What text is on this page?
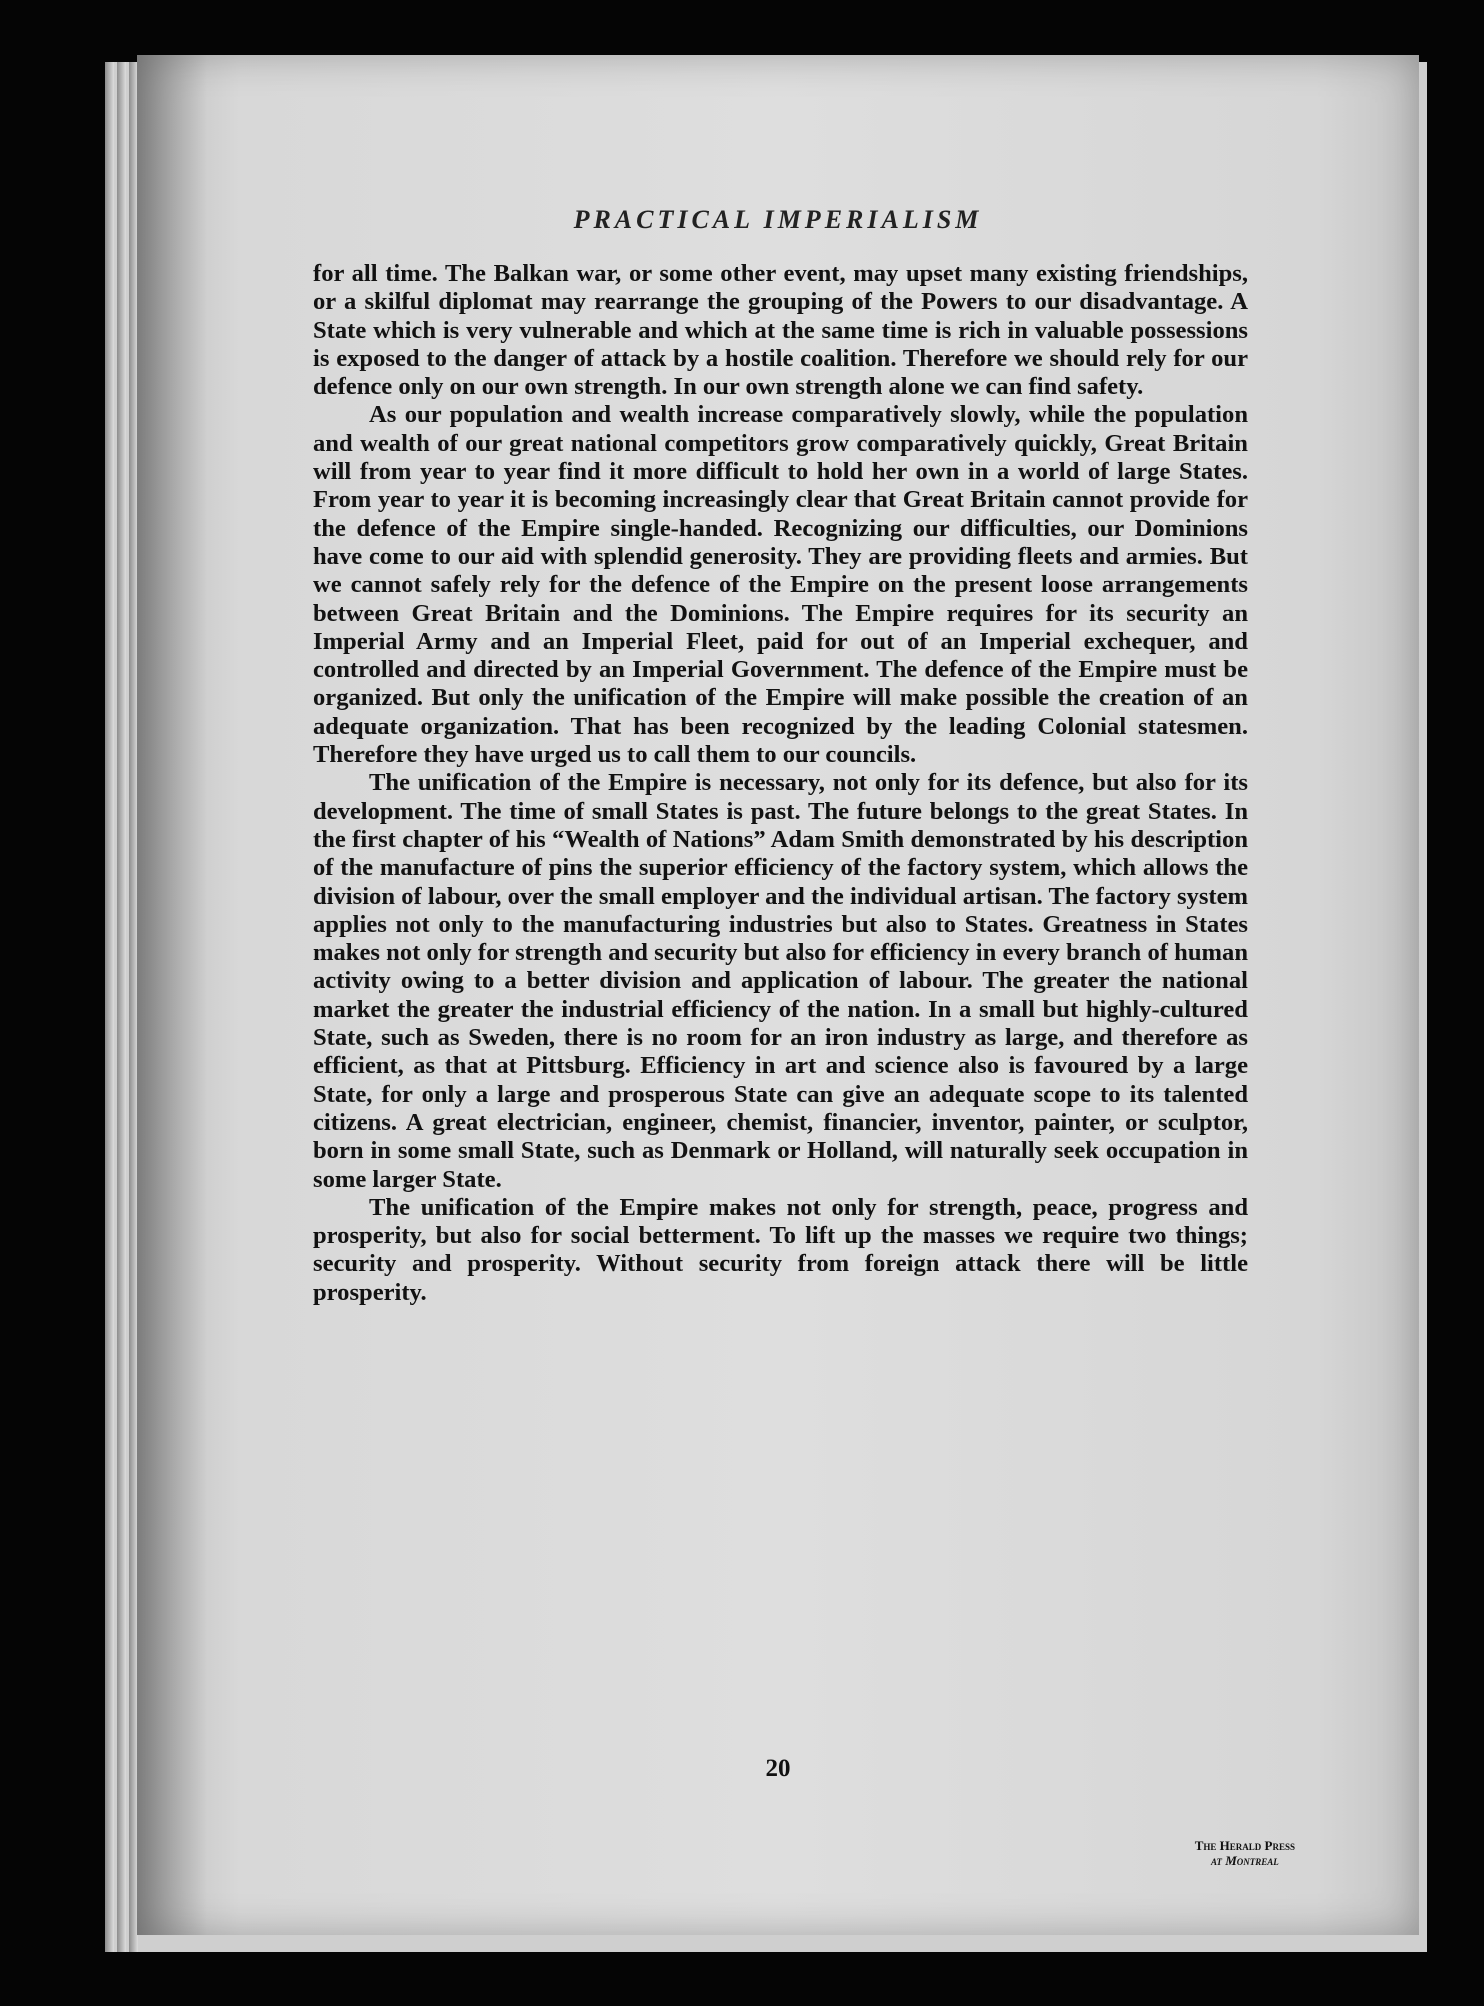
PRACTICAL IMPERIALISM

for all time. The Balkan war, or some other event, may upset many existing friendships, or a skilful diplomat may rearrange the grouping of the Powers to our disadvantage. A State which is very vulnerable and which at the same time is rich in valuable possessions is exposed to the danger of attack by a hostile coalition. Therefore we should rely for our defence only on our own strength. In our own strength alone we can find safety.

As our population and wealth increase comparatively slowly, while the population and wealth of our great national competitors grow comparatively quickly, Great Britain will from year to year find it more difficult to hold her own in a world of large States. From year to year it is becoming increasingly clear that Great Britain cannot provide for the defence of the Empire single-handed. Recognizing our difficulties, our Dominions have come to our aid with splendid generosity. They are providing fleets and armies. But we cannot safely rely for the defence of the Empire on the present loose arrangements between Great Britain and the Dominions. The Empire requires for its security an Imperial Army and an Imperial Fleet, paid for out of an Imperial exchequer, and controlled and directed by an Imperial Government. The defence of the Empire must be organized. But only the unification of the Empire will make possible the creation of an adequate organization. That has been recognized by the leading Colonial statesmen. Therefore they have urged us to call them to our councils.

The unification of the Empire is necessary, not only for its defence, but also for its development. The time of small States is past. The future belongs to the great States. In the first chapter of his “Wealth of Nations” Adam Smith demonstrated by his description of the manufacture of pins the superior efficiency of the factory system, which allows the division of labour, over the small employer and the individual artisan. The factory system applies not only to the manufacturing industries but also to States. Greatness in States makes not only for strength and security but also for efficiency in every branch of human activity owing to a better division and application of labour. The greater the national market the greater the industrial efficiency of the nation. In a small but highly-cultured State, such as Sweden, there is no room for an iron industry as large, and therefore as efficient, as that at Pittsburg. Efficiency in art and science also is favoured by a large State, for only a large and prosperous State can give an adequate scope to its talented citizens. A great electrician, engineer, chemist, financier, inventor, painter, or sculptor, born in some small State, such as Denmark or Holland, will naturally seek occupation in some larger State.

The unification of the Empire makes not only for strength, peace, progress and prosperity, but also for social betterment. To lift up the masses we require two things; security and prosperity. Without security from foreign attack there will be little prosperity.

20
The Herald Press
at Montreal
